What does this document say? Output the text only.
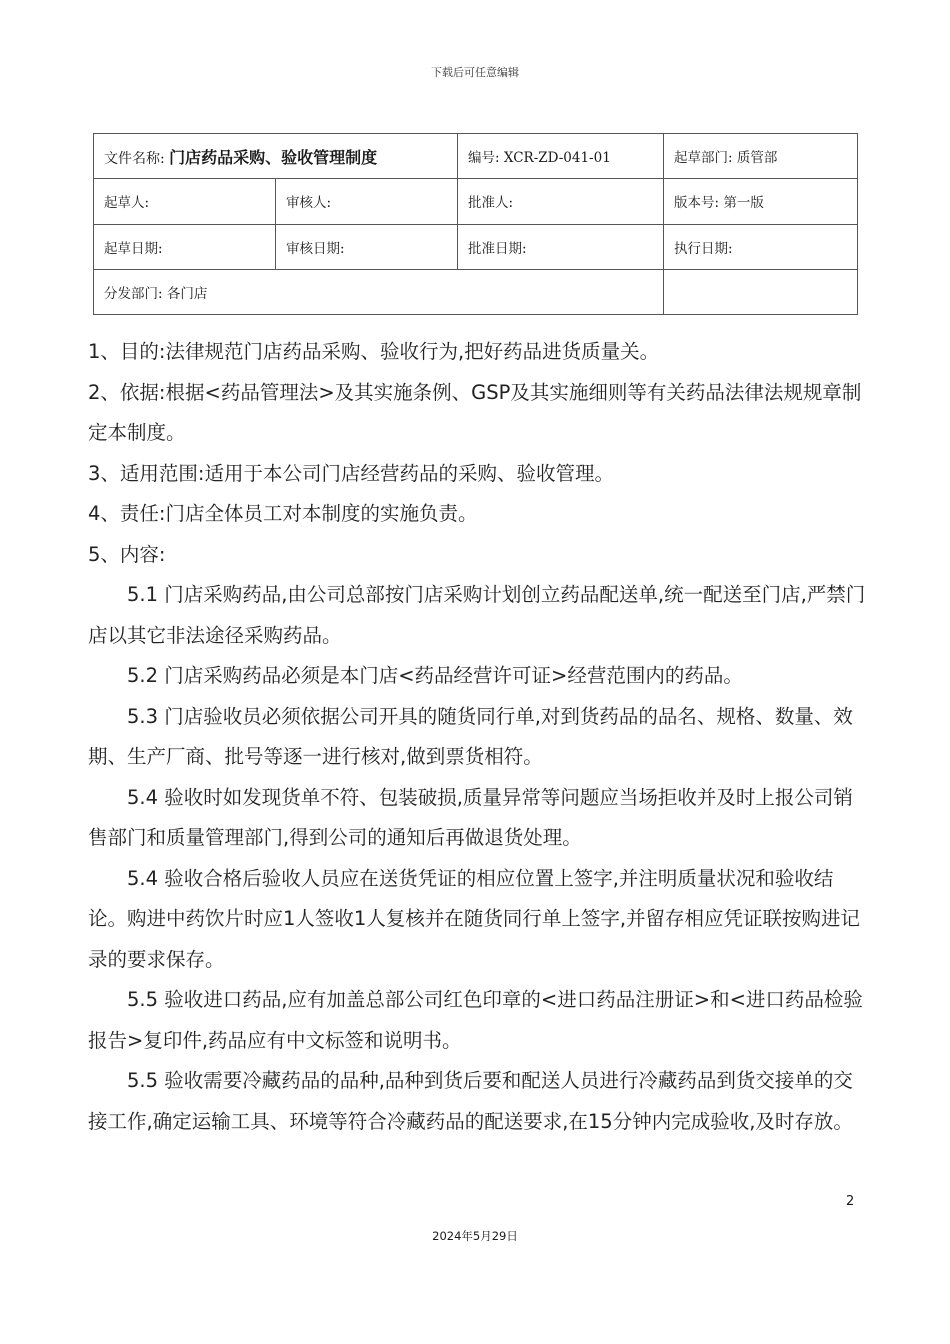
下载后可任意编辑
文件名称: 门店药品采购、验收管理制度		编号: XCR-ZD-041-01	起草部门: 质管部
起草人:	审核人:	批准人:	版本号: 第一版
起草日期:	审核日期:	批准日期:	执行日期:
分发部门: 各门店			

1、目的:法律规范门店药品采购、验收行为,把好药品进货质量关。

2、依据:根据<药品管理法>及其实施条例、GSP及其实施细则等有关药品法律法规规章制定本制度。

3、适用范围:适用于本公司门店经营药品的采购、验收管理。

4、责任:门店全体员工对本制度的实施负责。

5、内容:

5.1 门店采购药品,由公司总部按门店采购计划创立药品配送单,统一配送至门店,严禁门店以其它非法途径采购药品。

5.2 门店采购药品必须是本门店<药品经营许可证>经营范围内的药品。

5.3 门店验收员必须依据公司开具的随货同行单,对到货药品的品名、规格、数量、效期、生产厂商、批号等逐一进行核对,做到票货相符。

5.4 验收时如发现货单不符、包装破损,质量异常等问题应当场拒收并及时上报公司销售部门和质量管理部门,得到公司的通知后再做退货处理。

5.4 验收合格后验收人员应在送货凭证的相应位置上签字,并注明质量状况和验收结论。购进中药饮片时应1人签收1人复核并在随货同行单上签字,并留存相应凭证联按购进记录的要求保存。

5.5 验收进口药品,应有加盖总部公司红色印章的<进口药品注册证>和<进口药品检验报告>复印件,药品应有中文标签和说明书。

5.5 验收需要冷藏药品的品种,品种到货后要和配送人员进行冷藏药品到货交接单的交接工作,确定运输工具、环境等符合冷藏药品的配送要求,在15分钟内完成验收,及时存放。

2
2024年5月29日
